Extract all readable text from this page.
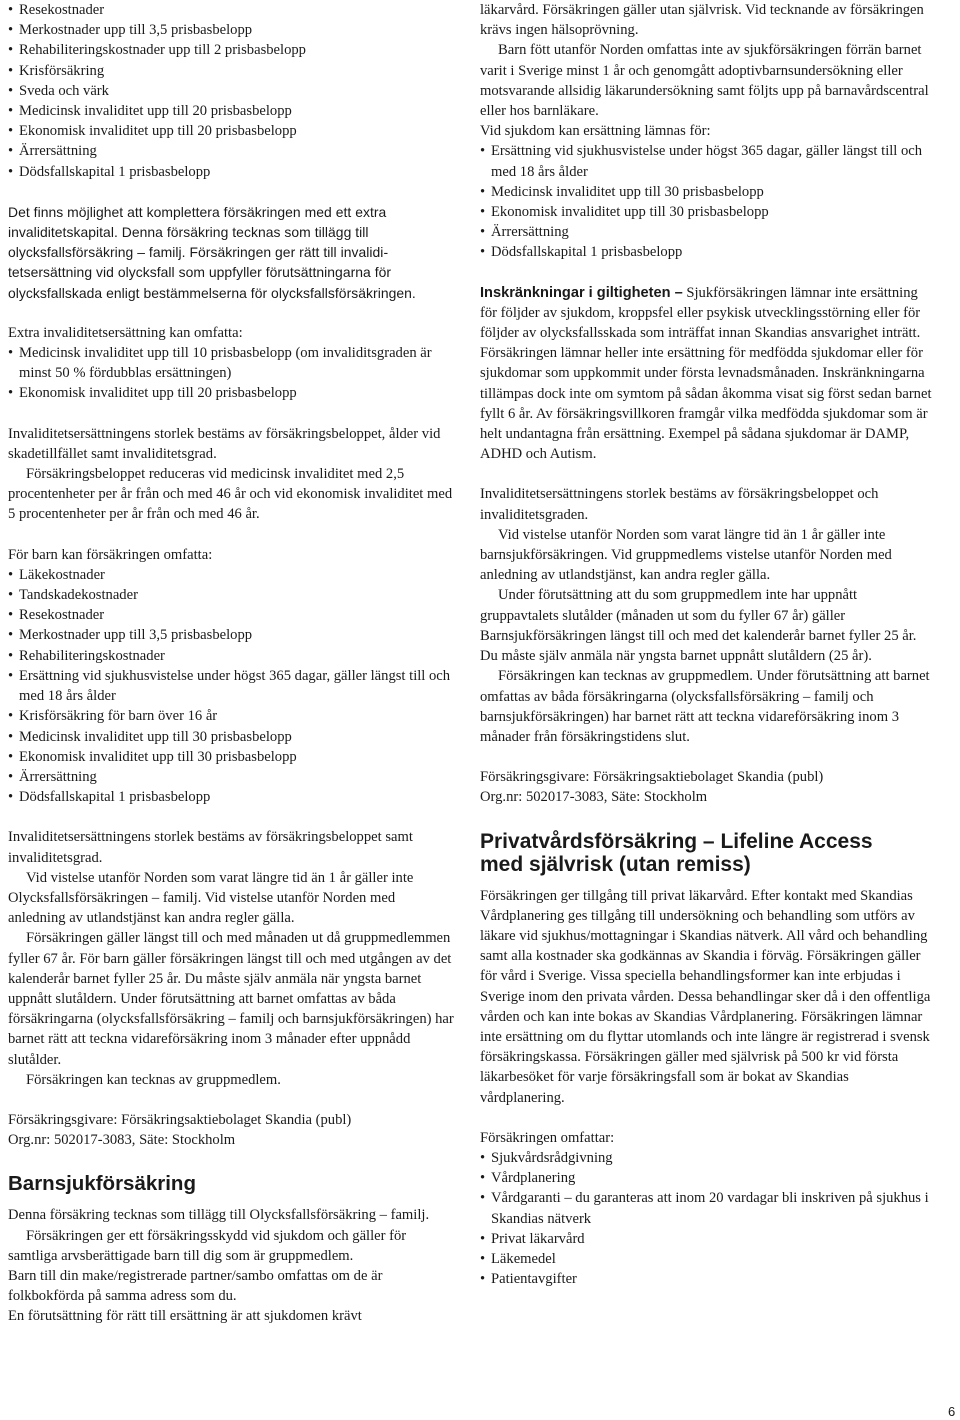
• Resekostnader
• Merkostnader upp till 3,5 prisbasbelopp
• Rehabiliteringskostnader upp till 2 prisbasbelopp
• Krisförsäkring
• Sveda och värk
• Medicinsk invaliditet upp till 20 prisbasbelopp
• Ekonomisk invaliditet upp till 20 prisbasbelopp
• Ärrersättning
• Dödsfallskapital 1 prisbasbelopp
Det finns möjlighet att komplettera försäkringen med ett extra
invaliditetskapital. Denna försäkring tecknas som tillägg till
olycksfallsförsäkring – familj. Försäkringen ger rätt till invalidi-
tetsersättning vid olycksfall som uppfyller förutsättningarna för
olycksfallskada enligt bestämmelserna för olycksfallsförsäkringen.

Extra invaliditetsersättning kan omfatta:

• Medicinsk invaliditet upp till 10 prisbasbelopp (om invaliditsgraden är minst 50 % fördubblas ersättningen)
• Ekonomisk invaliditet upp till 20 prisbasbelopp

Invaliditetsersättningens storlek bestäms av försäkringsbeloppet, ålder vid skadetillfället samt invaliditetsgrad.

Försäkringsbeloppet reduceras vid medicinsk invaliditet med 2,5 procentenheter per år från och med 46 år och vid ekonomisk invaliditet med 5 procentenheter per år från och med 46 år.

För barn kan försäkringen omfatta:

• Läkekostnader
• Tandskadekostnader
• Resekostnader
• Merkostnader upp till 3,5 prisbasbelopp
• Rehabiliteringskostnader
• Ersättning vid sjukhusvistelse under högst 365 dagar, gäller längst till och med 18 års ålder
• Krisförsäkring för barn över 16 år
• Medicinsk invaliditet upp till 30 prisbasbelopp
• Ekonomisk invaliditet upp till 30 prisbasbelopp
• Ärrersättning
• Dödsfallskapital 1 prisbasbelopp

Invaliditetsersättningens storlek bestäms av försäkringsbeloppet samt invaliditetsgrad.

Vid vistelse utanför Norden som varat längre tid än 1 år gäller inte Olycksfallsförsäkringen – familj. Vid vistelse utanför Norden med anledning av utlandstjänst kan andra regler gälla.

Försäkringen gäller längst till och med månaden ut då gruppmedlemmen fyller 67 år. För barn gäller försäkringen längst till och med utgången av det kalenderår barnet fyller 25 år. Du måste själv anmäla när yngsta barnet uppnått slutåldern. Under förutsättning att barnet omfattas av båda försäkringarna (olycksfallsförsäkring – familj och barnsjukförsäkringen) har barnet rätt att teckna vidareförsäkring inom 3 månader efter uppnådd slutålder.

Försäkringen kan tecknas av gruppmedlem.

Försäkringsgivare: Försäkringsaktiebolaget Skandia (publ)

Org.nr: 502017-3083, Säte: Stockholm

Barnsjukförsäkring

Denna försäkring tecknas som tillägg till Olycksfallsförsäkring – familj.

Försäkringen ger ett försäkringsskydd vid sjukdom och gäller för samtliga arvsberättigade barn till dig som är gruppmedlem.

Barn till din make/registrerade partner/sambo omfattas om de är folkbokförda på samma adress som du.

En förutsättning för rätt till ersättning är att sjukdomen krävt

läkarvård. Försäkringen gäller utan självrisk. Vid tecknande av försäkringen krävs ingen hälsoprövning.

Barn fött utanför Norden omfattas inte av sjukförsäkringen förrän barnet varit i Sverige minst 1 år och genomgått adoptivbarnsundersökning eller motsvarande allsidig läkarundersökning samt följts upp på barnavårdscentral eller hos barnläkare.

Vid sjukdom kan ersättning lämnas för:

• Ersättning vid sjukhusvistelse under högst 365 dagar, gäller längst till och med 18 års ålder
• Medicinsk invaliditet upp till 30 prisbasbelopp
• Ekonomisk invaliditet upp till 30 prisbasbelopp
• Ärrersättning
• Dödsfallskapital 1 prisbasbelopp

Inskränkningar i giltigheten – Sjukförsäkringen lämnar inte ersättning för följder av sjukdom, kroppsfel eller psykisk utvecklingsstörning eller för följder av olycksfallsskada som inträffat innan Skandias ansvarighet inträtt. Försäkringen lämnar heller inte ersättning för medfödda sjukdomar eller för sjukdomar som uppkommit under första levnadsmånaden. Inskränkningarna tillämpas dock inte om symtom på sådan åkomma visat sig först sedan barnet fyllt 6 år. Av försäkringsvillkoren framgår vilka medfödda sjukdomar som är helt undantagna från ersättning. Exempel på sådana sjukdomar är DAMP, ADHD och Autism.

Invaliditetsersättningens storlek bestäms av försäkringsbeloppet och invaliditetsgraden.

Vid vistelse utanför Norden som varat längre tid än 1 år gäller inte barnsjukförsäkringen. Vid gruppmedlems vistelse utanför Norden med anledning av utlandstjänst, kan andra regler gälla.

Under förutsättning att du som gruppmedlem inte har uppnått gruppavtalets slutålder (månaden ut som du fyller 67 år) gäller Barnsjukförsäkringen längst till och med det kalenderår barnet fyller 25 år. Du måste själv anmäla när yngsta barnet uppnått slutåldern (25 år).

Försäkringen kan tecknas av gruppmedlem. Under förutsättning att barnet omfattas av båda försäkringarna (olycksfallsförsäkring – familj och barnsjukförsäkringen) har barnet rätt att teckna vidareförsäkring inom 3 månader från försäkringstidens slut.

Försäkringsgivare: Försäkringsaktiebolaget Skandia (publ)

Org.nr: 502017-3083, Säte: Stockholm

Privatvårdsförsäkring – Lifeline Access
med självrisk (utan remiss)

Försäkringen ger tillgång till privat läkarvård. Efter kontakt med Skandias Vårdplanering ges tillgång till undersökning och behandling som utförs av läkare vid sjukhus/mottagningar i Skandias nätverk. All vård och behandling samt alla kostnader ska godkännas av Skandia i förväg. Försäkringen gäller för vård i Sverige. Vissa speciella behandlingsformer kan inte erbjudas i Sverige inom den privata vården. Dessa behandlingar sker då i den offentliga vården och kan inte bokas av Skandias Vårdplanering. Försäkringen lämnar inte ersättning om du flyttar utomlands och inte längre är registrerad i svensk försäkringskassa. Försäkringen gäller med självrisk på 500 kr vid första läkarbesöket för varje försäkringsfall som är bokat av Skandias vårdplanering.

Försäkringen omfattar:

• Sjukvårdsrådgivning
• Vårdplanering
• Vårdgaranti – du garanteras att inom 20 vardagar bli inskriven på sjukhus i Skandias nätverk
• Privat läkarvård
• Läkemedel
• Patientavgifter
6
